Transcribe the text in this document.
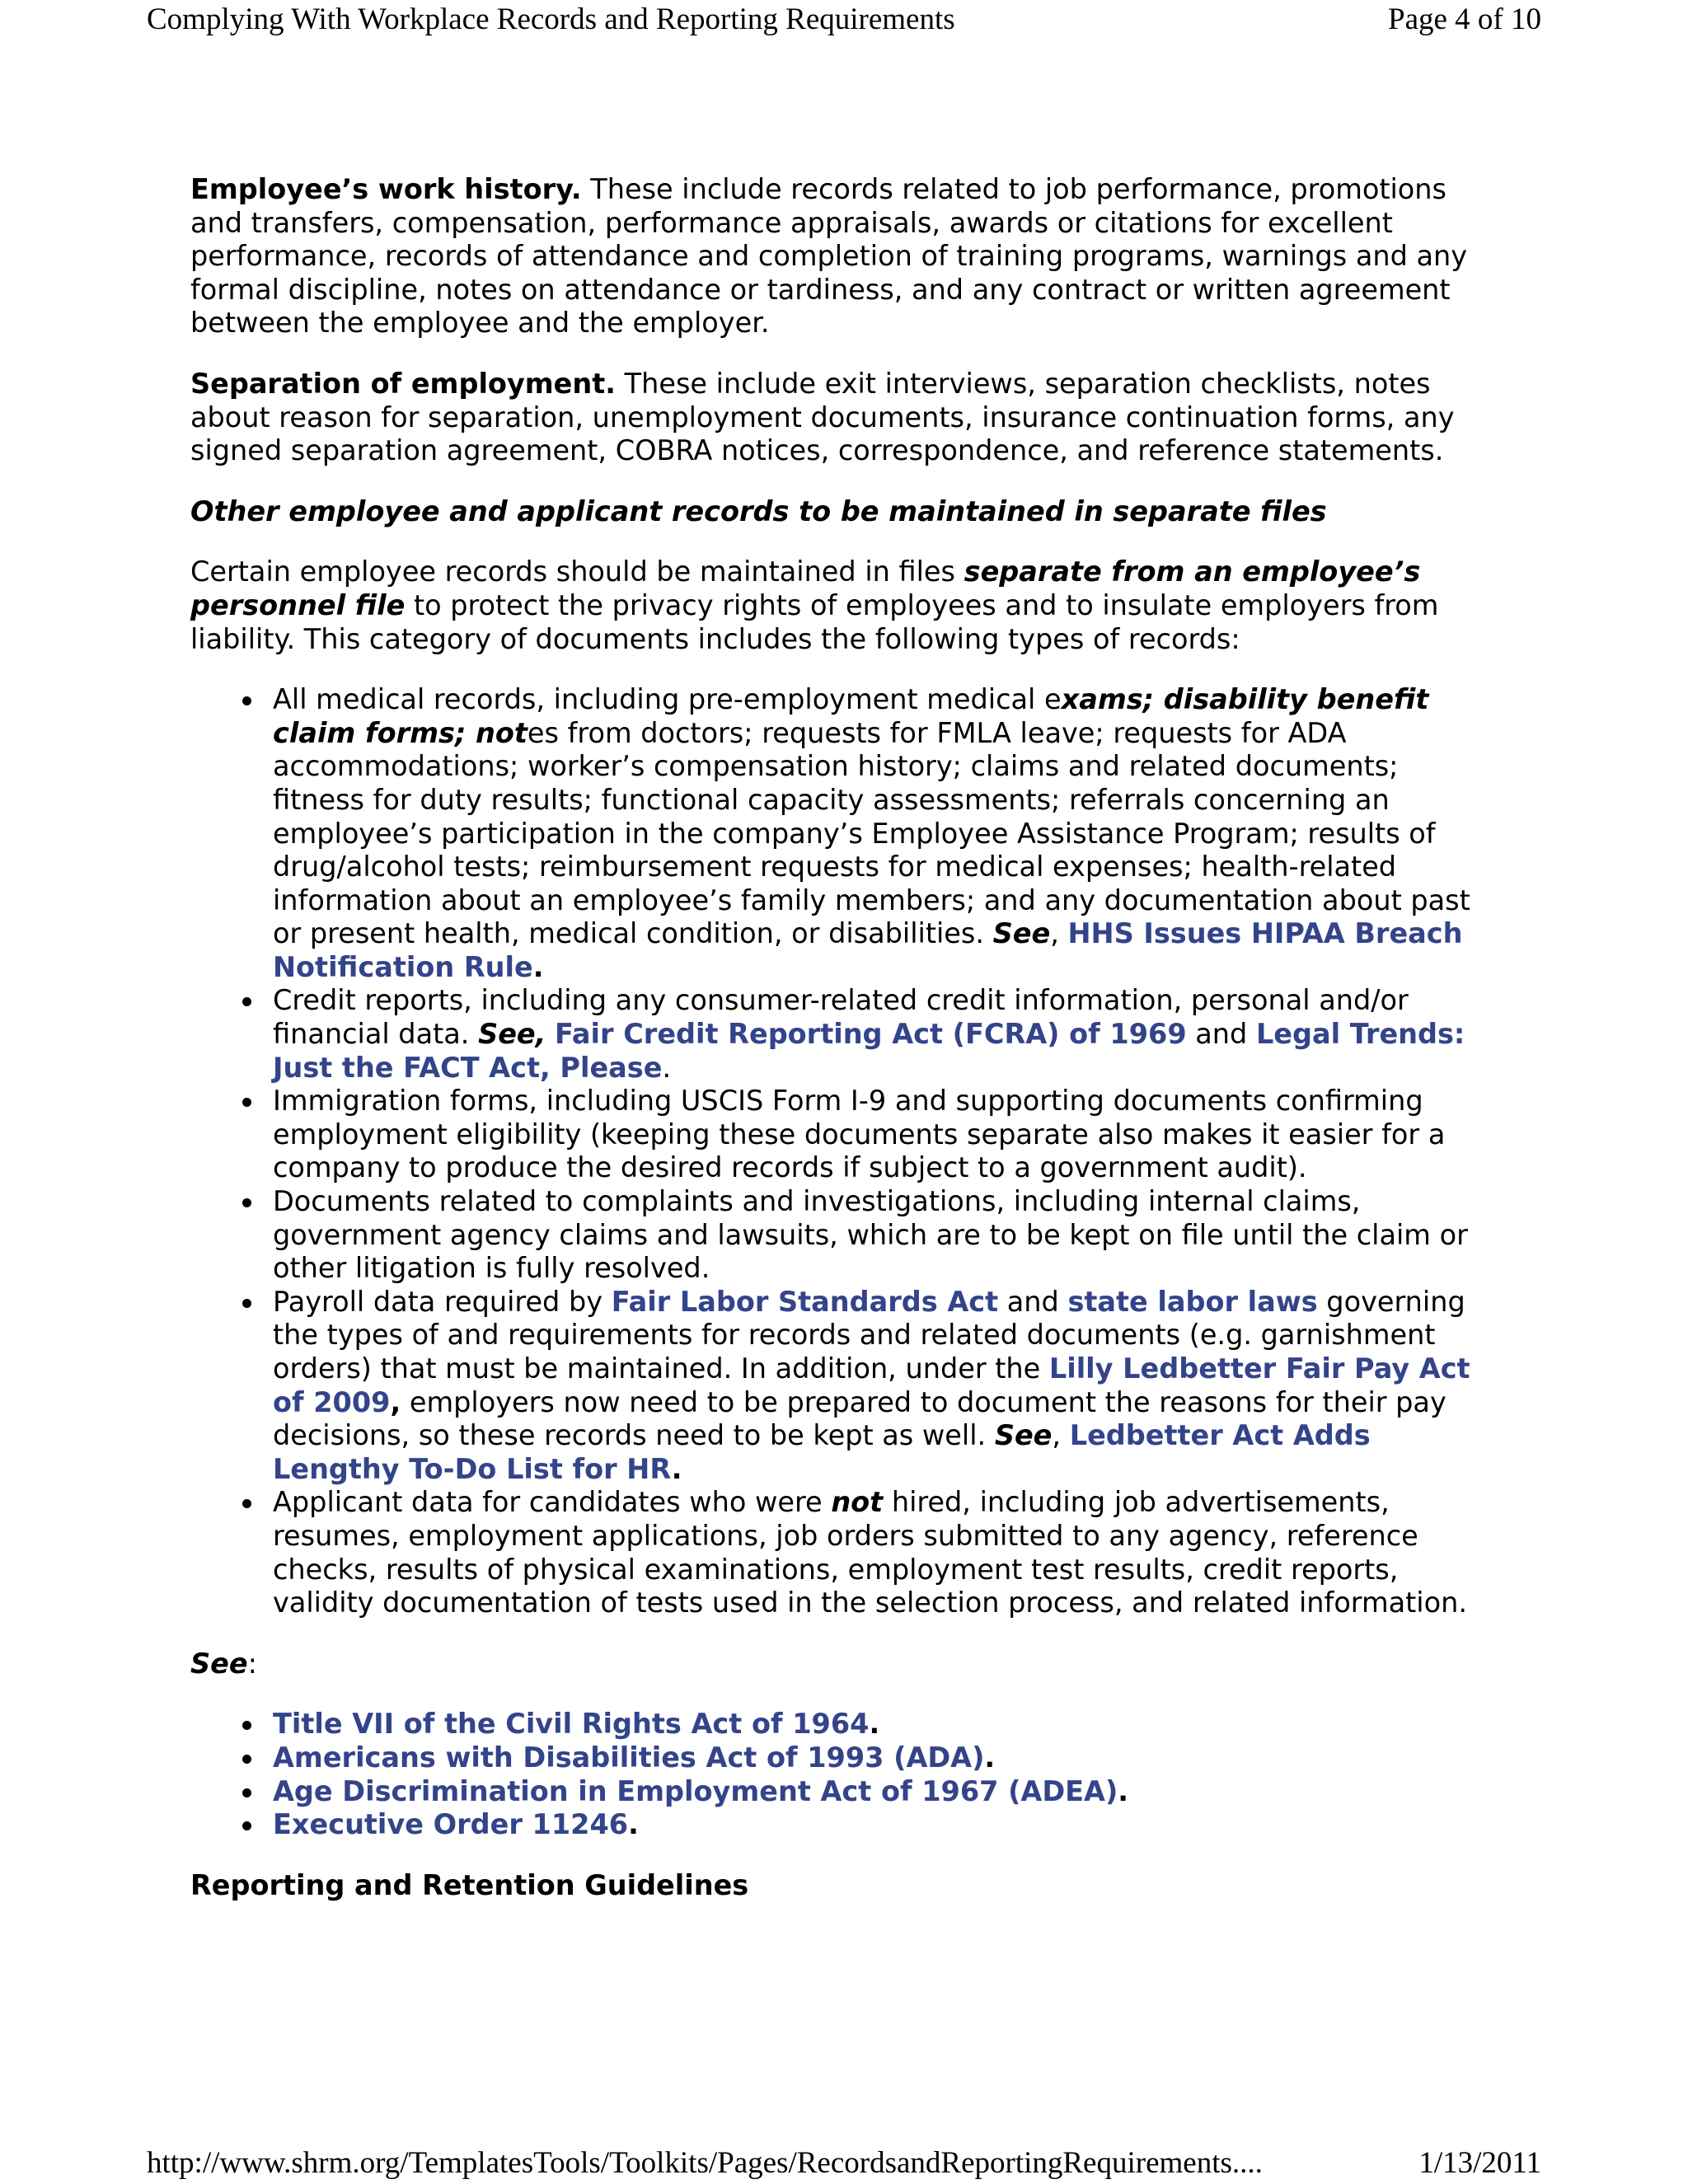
Complying With Workplace Records and Reporting Requirements	Page 4 of 10

Employee’s work history. These include records related to job performance, promotions and transfers, compensation, performance appraisals, awards or citations for excellent performance, records of attendance and completion of training programs, warnings and any formal discipline, notes on attendance or tardiness, and any contract or written agreement between the employee and the employer.

Separation of employment. These include exit interviews, separation checklists, notes about reason for separation, unemployment documents, insurance continuation forms, any signed separation agreement, COBRA notices, correspondence, and reference statements.

Other employee and applicant records to be maintained in separate files

Certain employee records should be maintained in files separate from an employee’s personnel file to protect the privacy rights of employees and to insulate employers from liability. This category of documents includes the following types of records:

All medical records, including pre-employment medical exams; disability benefit claim forms; notes from doctors; requests for FMLA leave; requests for ADA accommodations; worker’s compensation history; claims and related documents; fitness for duty results; functional capacity assessments; referrals concerning an employee’s participation in the company’s Employee Assistance Program; results of drug/alcohol tests; reimbursement requests for medical expenses; health-related information about an employee’s family members; and any documentation about past or present health, medical condition, or disabilities. See, HHS Issues HIPAA Breach Notification Rule.
Credit reports, including any consumer-related credit information, personal and/or financial data. See, Fair Credit Reporting Act (FCRA) of 1969 and Legal Trends: Just the FACT Act, Please.
Immigration forms, including USCIS Form I-9 and supporting documents confirming employment eligibility (keeping these documents separate also makes it easier for a company to produce the desired records if subject to a government audit).
Documents related to complaints and investigations, including internal claims, government agency claims and lawsuits, which are to be kept on file until the claim or other litigation is fully resolved.
Payroll data required by Fair Labor Standards Act and state labor laws governing the types of and requirements for records and related documents (e.g. garnishment orders) that must be maintained. In addition, under the Lilly Ledbetter Fair Pay Act of 2009, employers now need to be prepared to document the reasons for their pay decisions, so these records need to be kept as well. See, Ledbetter Act Adds Lengthy To-Do List for HR.
Applicant data for candidates who were not hired, including job advertisements, resumes, employment applications, job orders submitted to any agency, reference checks, results of physical examinations, employment test results, credit reports, validity documentation of tests used in the selection process, and related information.

See:

Title VII of the Civil Rights Act of 1964.
Americans with Disabilities Act of 1993 (ADA).
Age Discrimination in Employment Act of 1967 (ADEA).
Executive Order 11246.
Reporting and Retention Guidelines
http://www.shrm.org/TemplatesTools/Toolkits/Pages/RecordsandReportingRequirements....	1/13/2011
